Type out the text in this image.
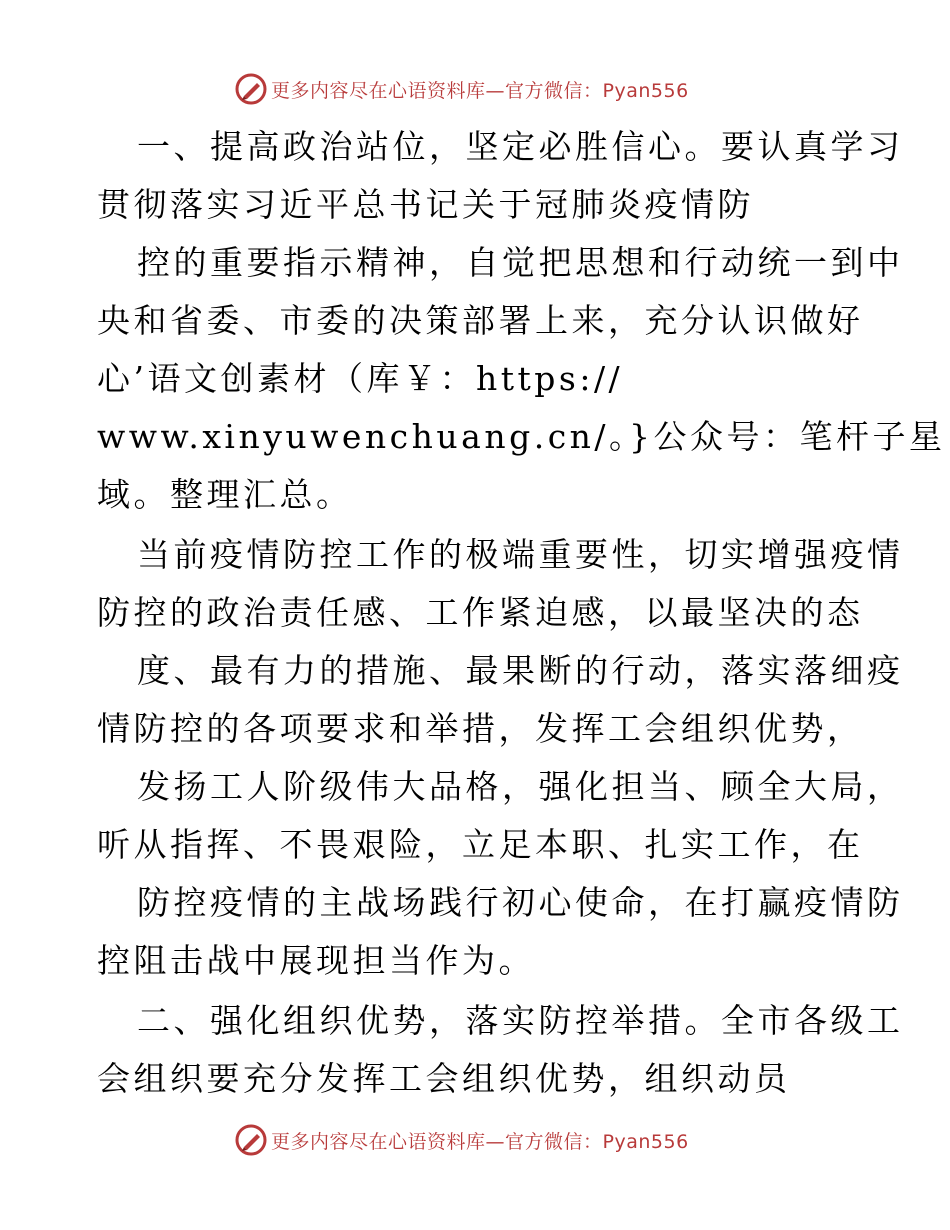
更多内容尽在心语资料库—官方微信：Pyan556
一、提高政治站位，坚定必胜信心。要认真学习
贯彻落实习近平总书记关于冠肺炎疫情防
控的重要指示精神，自觉把思想和行动统一到中
央和省委、市委的决策部署上来，充分认识做好
心’语文创素材（库￥：https://
www.xinyuwenchuang.cn/。}公众号：笔杆子星
域。整理汇总。
当前疫情防控工作的极端重要性，切实增强疫情
防控的政治责任感、工作紧迫感，以最坚决的态
度、最有力的措施、最果断的行动，落实落细疫
情防控的各项要求和举措，发挥工会组织优势，
发扬工人阶级伟大品格，强化担当、顾全大局，
听从指挥、不畏艰险，立足本职、扎实工作，在
防控疫情的主战场践行初心使命，在打赢疫情防
控阻击战中展现担当作为。
二、强化组织优势，落实防控举措。全市各级工
会组织要充分发挥工会组织优势，组织动员
更多内容尽在心语资料库—官方微信：Pyan556
